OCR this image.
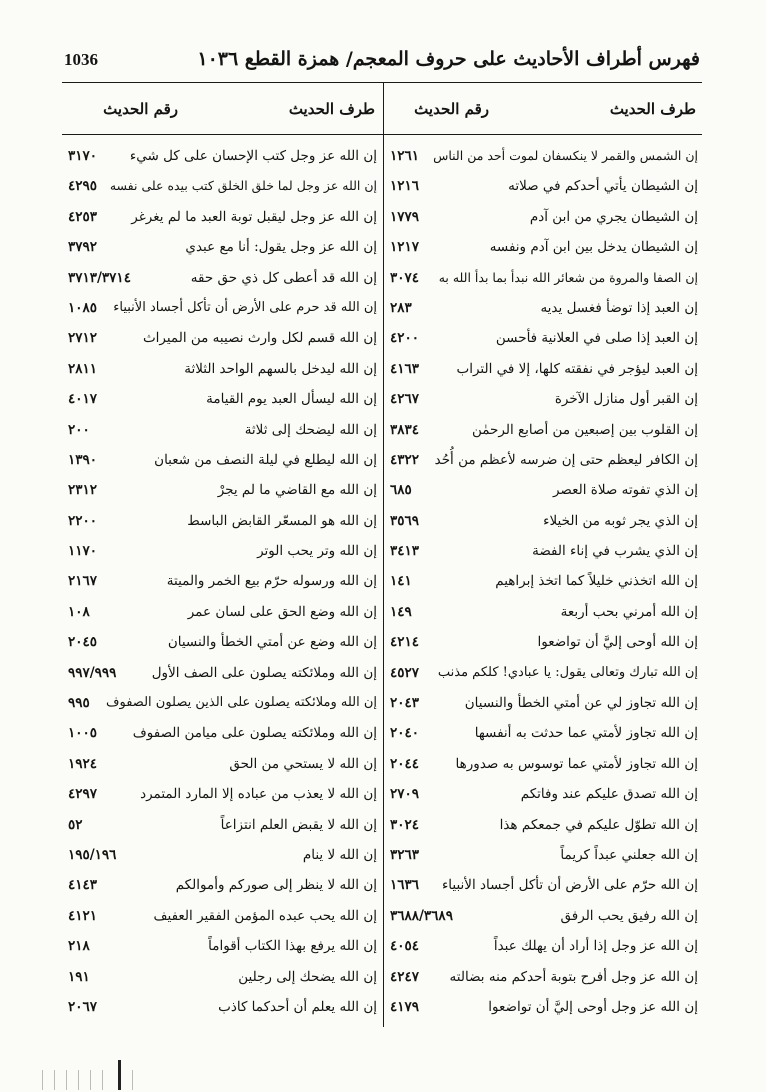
1036	فهرس أطراف الأحاديث على حروف المعجم/ همزة القطع ١٠٣٦
طرف الحديث
رقم الحديث
إن الشمس والقمر لا ينكسفان لموت أحد من الناس
١٢٦١
إن الشيطان يأتي أحدكم في صلاته
١٢١٦
إن الشيطان يجري من ابن آدم
١٧٧٩
إن الشيطان يدخل بين ابن آدم ونفسه
١٢١٧
إن الصفا والمروة من شعائر الله نبدأ بما بدأ الله به
٣٠٧٤
إن العبد إذا توضأ فغسل يديه
٢٨٣
إن العبد إذا صلى في العلانية فأحسن
٤٢٠٠
إن العبد ليؤجر في نفقته كلها، إلا في التراب
٤١٦٣
إن القبر أول منازل الآخرة
٤٢٦٧
إن القلوب بين إصبعين من أصابع الرحمٰن
٣٨٣٤
إن الكافر ليعظم حتى إن ضرسه لأعظم من أُحُد
٤٣٢٢
إن الذي تفوته صلاة العصر
٦٨٥
إن الذي يجر ثوبه من الخيلاء
٣٥٦٩
إن الذي يشرب في إناء الفضة
٣٤١٣
إن الله اتخذني خليلاً كما اتخذ إبراهيم
١٤١
إن الله أمرني بحب أربعة
١٤٩
إن الله أوحى إليَّ أن تواضعوا
٤٢١٤
إن الله تبارك وتعالى يقول: يا عبادي! كلكم مذنب
٤٥٢٧
إن الله تجاوز لي عن أمتي الخطأ والنسيان
٢٠٤٣
إن الله تجاوز لأمتي عما حدثت به أنفسها
٢٠٤٠
إن الله تجاوز لأمتي عما توسوس به صدورها
٢٠٤٤
إن الله تصدق عليكم عند وفاتكم
٢٧٠٩
إن الله تطوّل عليكم في جمعكم هذا
٣٠٢٤
إن الله جعلني عبداً كريماً
٣٢٦٣
إن الله حرّم على الأرض أن تأكل أجساد الأنبياء
١٦٣٦
إن الله رفيق يحب الرفق
٣٦٨٨/٣٦٨٩
إن الله عز وجل إذا أراد أن يهلك عبداً
٤٠٥٤
إن الله عز وجل أفرح بتوبة أحدكم منه بضالته
٤٢٤٧
إن الله عز وجل أوحى إليَّ أن تواضعوا
٤١٧٩
طرف الحديث
رقم الحديث
إن الله عز وجل كتب الإحسان على كل شيء
٣١٧٠
إن الله عز وجل لما خلق الخلق كتب بيده على نفسه
٤٢٩٥
إن الله عز وجل ليقبل توبة العبد ما لم يغرغر
٤٢٥٣
إن الله عز وجل يقول: أنا مع عبدي
٣٧٩٢
إن الله قد أعطى كل ذي حق حقه
٣٧١٣/٣٧١٤
إن الله قد حرم على الأرض أن تأكل أجساد الأنبياء
١٠٨٥
إن الله قسم لكل وارث نصيبه من الميراث
٢٧١٢
إن الله ليدخل بالسهم الواحد الثلاثة
٢٨١١
إن الله ليسأل العبد يوم القيامة
٤٠١٧
إن الله ليضحك إلى ثلاثة
٢٠٠
إن الله ليطلع في ليلة النصف من شعبان
١٣٩٠
إن الله مع القاضي ما لم يجرْ
٢٣١٢
إن الله هو المسعّر القابض الباسط
٢٢٠٠
إن الله وتر يحب الوتر
١١٧٠
إن الله ورسوله حرّم بيع الخمر والميتة
٢١٦٧
إن الله وضع الحق على لسان عمر
١٠٨
إن الله وضع عن أمتي الخطأ والنسيان
٢٠٤٥
إن الله وملائكته يصلون على الصف الأول
٩٩٧/٩٩٩
إن الله وملائكته يصلون على الذين يصلون الصفوف
٩٩٥
إن الله وملائكته يصلون على ميامن الصفوف
١٠٠٥
إن الله لا يستحي من الحق
١٩٢٤
إن الله لا يعذب من عباده إلا المارد المتمرد
٤٢٩٧
إن الله لا يقبض العلم انتزاعاً
٥٢
إن الله لا ينام
١٩٥/١٩٦
إن الله لا ينظر إلى صوركم وأموالكم
٤١٤٣
إن الله يحب عبده المؤمن الفقير العفيف
٤١٢١
إن الله يرفع بهذا الكتاب أقواماً
٢١٨
إن الله يضحك إلى رجلين
١٩١
إن الله يعلم أن أحدكما كاذب
٢٠٦٧
